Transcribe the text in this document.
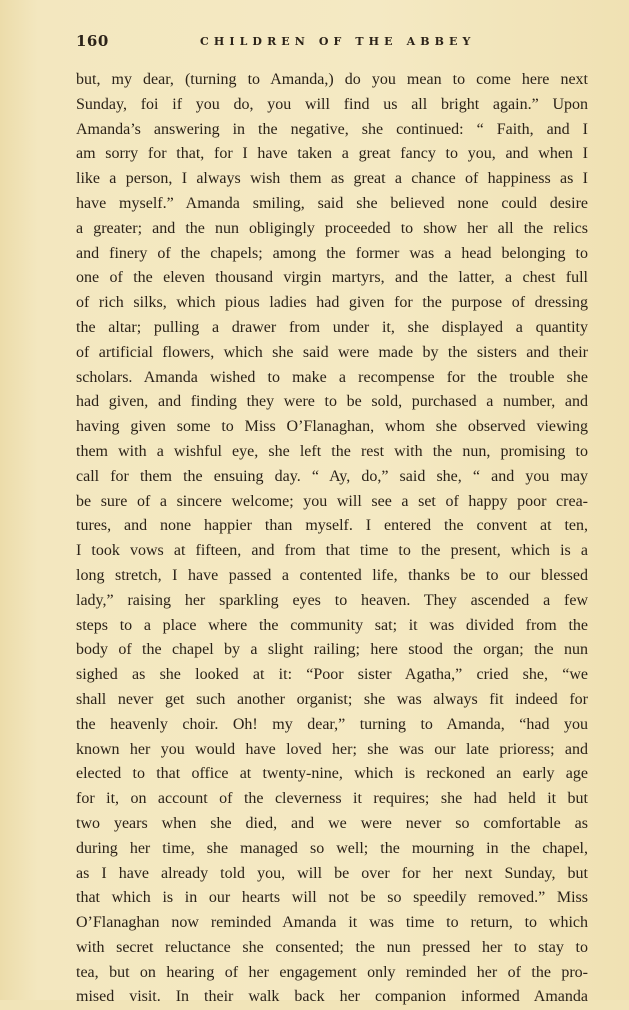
160	CHILDREN OF THE ABBEY
but, my dear, (turning to Amanda,) do you mean to come here next
Sunday, foi if you do, you will find us all bright again.” Upon
Amanda’s answering in the negative, she continued: “ Faith, and I
am sorry for that, for I have taken a great fancy to you, and when I
like a person, I always wish them as great a chance of happiness as I
have myself.” Amanda smiling, said she believed none could desire
a greater; and the nun obligingly proceeded to show her all the relics
and finery of the chapels; among the former was a head belonging to
one of the eleven thousand virgin martyrs, and the latter, a chest full
of rich silks, which pious ladies had given for the purpose of dressing
the altar; pulling a drawer from under it, she displayed a quantity
of artificial flowers, which she said were made by the sisters and their
scholars. Amanda wished to make a recompense for the trouble she
had given, and finding they were to be sold, purchased a number, and
having given some to Miss O’Flanaghan, whom she observed viewing
them with a wishful eye, she left the rest with the nun, promising to
call for them the ensuing day. “ Ay, do,” said she, “ and you may
be sure of a sincere welcome; you will see a set of happy poor crea-
tures, and none happier than myself. I entered the convent at ten,
I took vows at fifteen, and from that time to the present, which is a
long stretch, I have passed a contented life, thanks be to our blessed
lady,” raising her sparkling eyes to heaven. They ascended a few
steps to a place where the community sat; it was divided from the
body of the chapel by a slight railing; here stood the organ; the nun
sighed as she looked at it: “Poor sister Agatha,” cried she, “we
shall never get such another organist; she was always fit indeed for
the heavenly choir. Oh! my dear,” turning to Amanda, “had you
known her you would have loved her; she was our late prioress; and
elected to that office at twenty-nine, which is reckoned an early age
for it, on account of the cleverness it requires; she had held it but
two years when she died, and we were never so comfortable as
during her time, she managed so well; the mourning in the chapel,
as I have already told you, will be over for her next Sunday, but
that which is in our hearts will not be so speedily removed.” Miss
O’Flanaghan now reminded Amanda it was time to return, to which
with secret reluctance she consented; the nun pressed her to stay to
tea, but on hearing of her engagement only reminded her of the pro-
mised visit. In their walk back her companion informed Amanda
